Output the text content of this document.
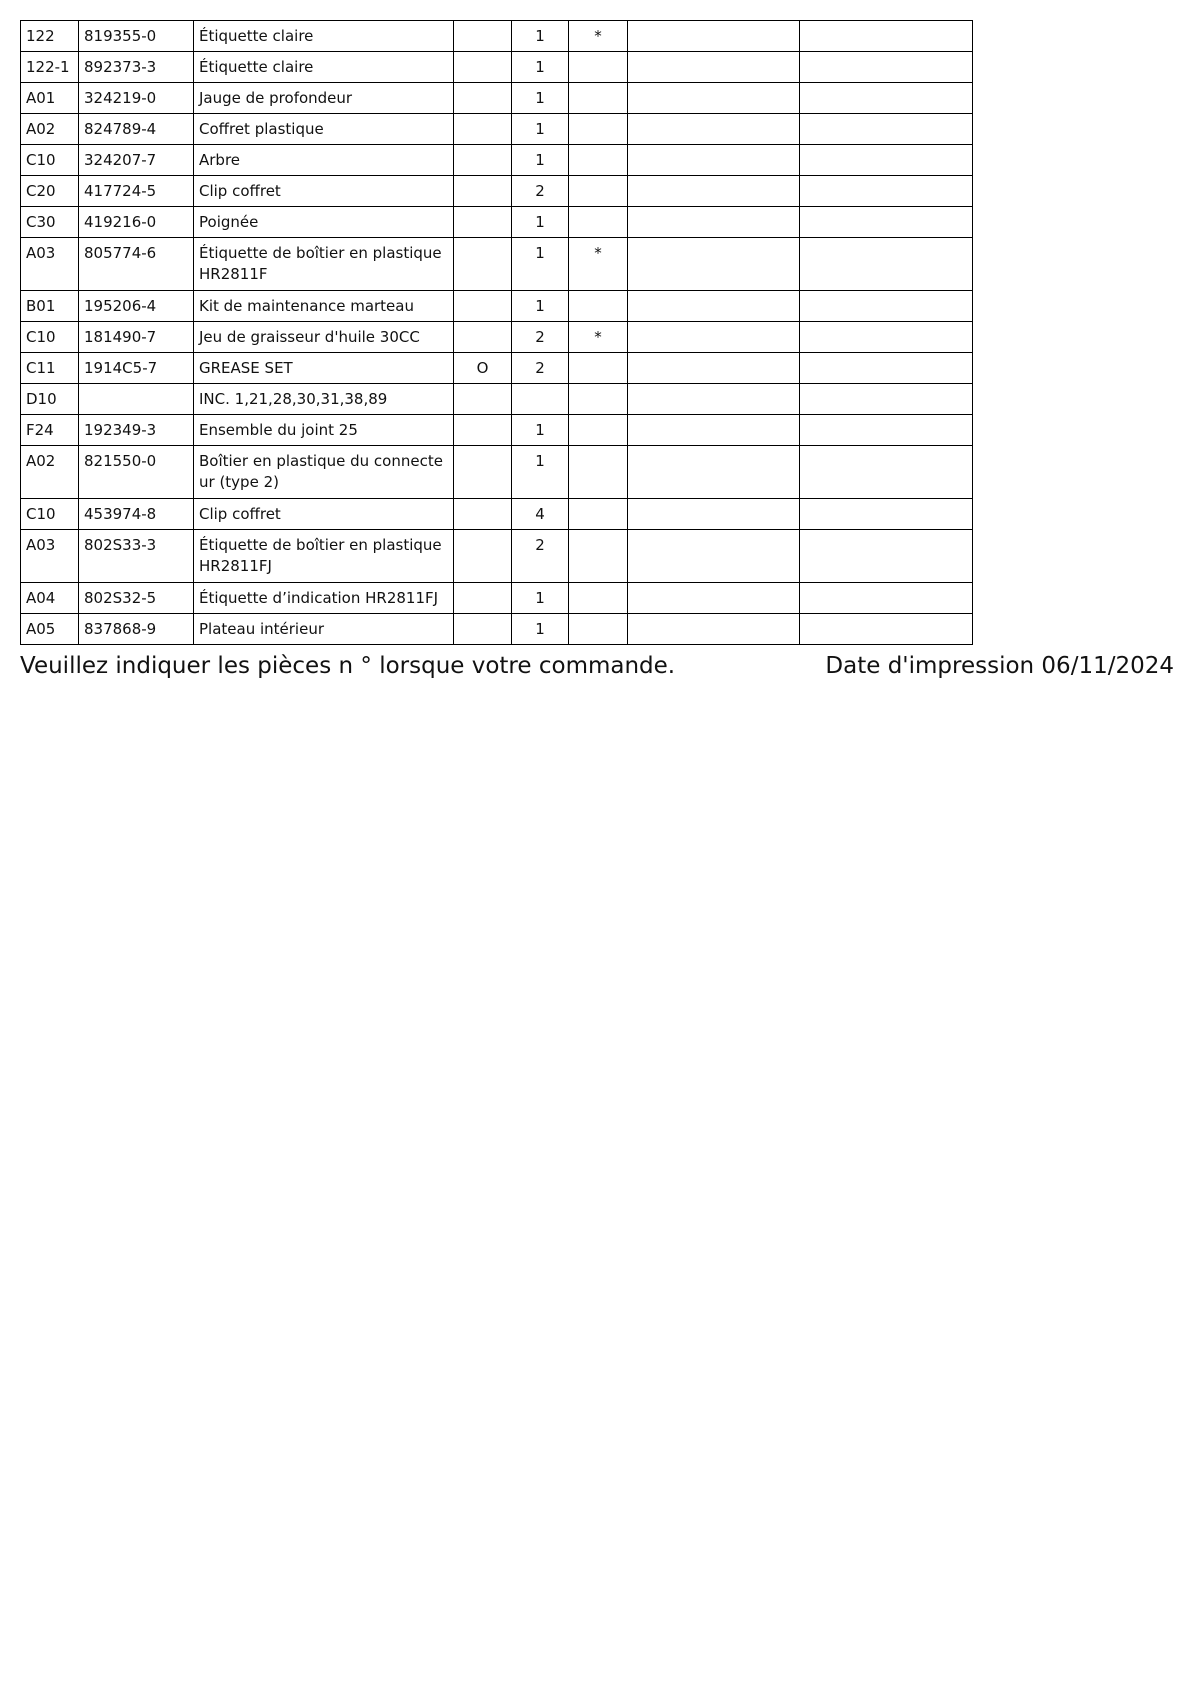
122	819355-0	Étiquette claire		1	*		
122-1	892373-3	Étiquette claire		1			
A01	324219-0	Jauge de profondeur		1			
A02	824789-4	Coffret plastique		1			
C10	324207-7	Arbre		1			
C20	417724-5	Clip coffret		2			
C30	419216-0	Poignée		1			
A03	805774-6	Étiquette de boîtier en plastique HR2811F		1	*		
B01	195206-4	Kit de maintenance marteau		1			
C10	181490-7	Jeu de graisseur d'huile 30CC		2	*		
C11	1914C5-7	GREASE SET	O	2			
D10		INC. 1,21,28,30,31,38,89					
F24	192349-3	Ensemble du joint 25		1			
A02	821550-0	Boîtier en plastique du connecte ur (type 2)		1			
C10	453974-8	Clip coffret		4			
A03	802S33-3	Étiquette de boîtier en plastique HR2811FJ		2			
A04	802S32-5	Étiquette d’indication HR2811FJ		1			
A05	837868-9	Plateau intérieur		1			
Veuillez indiquer les pièces n ° lorsque votre commande.	Date d'impression 06/11/2024
